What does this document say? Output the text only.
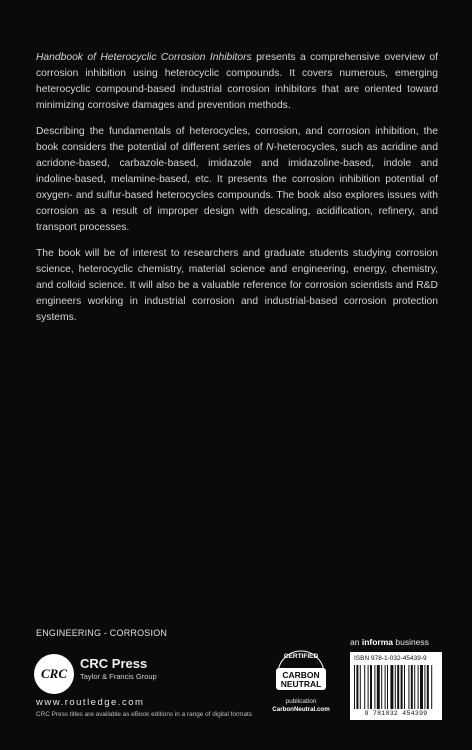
Handbook of Heterocyclic Corrosion Inhibitors presents a comprehensive overview of corrosion inhibition using heterocyclic compounds. It covers numerous, emerging heterocyclic compound-based industrial corrosion inhibitors that are oriented toward minimizing corrosive damages and prevention methods.

Describing the fundamentals of heterocycles, corrosion, and corrosion inhibition, the book considers the potential of different series of N-heterocycles, such as acridine and acridone-based, carbazole-based, imidazole and imidazoline-based, indole and indoline-based, melamine-based, etc. It presents the corrosion inhibition potential of oxygen- and sulfur-based heterocycles compounds. The book also explores issues with corrosion as a result of improper design with descaling, acidification, refinery, and transport processes.

The book will be of interest to researchers and graduate students studying corrosion science, heterocyclic chemistry, material science and engineering, energy, chemistry, and colloid science. It will also be a valuable reference for corrosion scientists and R&D engineers working in industrial corrosion and industrial-based corrosion protection systems.

ENGINEERING - CORROSION
CRC
CRC Press
Taylor & Francis Group
www.routledge.com
CRC Press titles are available as eBook editions in a range of digital formats
CERTIFIED
CARBON
NEUTRAL
publication
CarbonNeutral.com
an informa business
ISBN 978-1-032-45439-9
9 781032 454399
